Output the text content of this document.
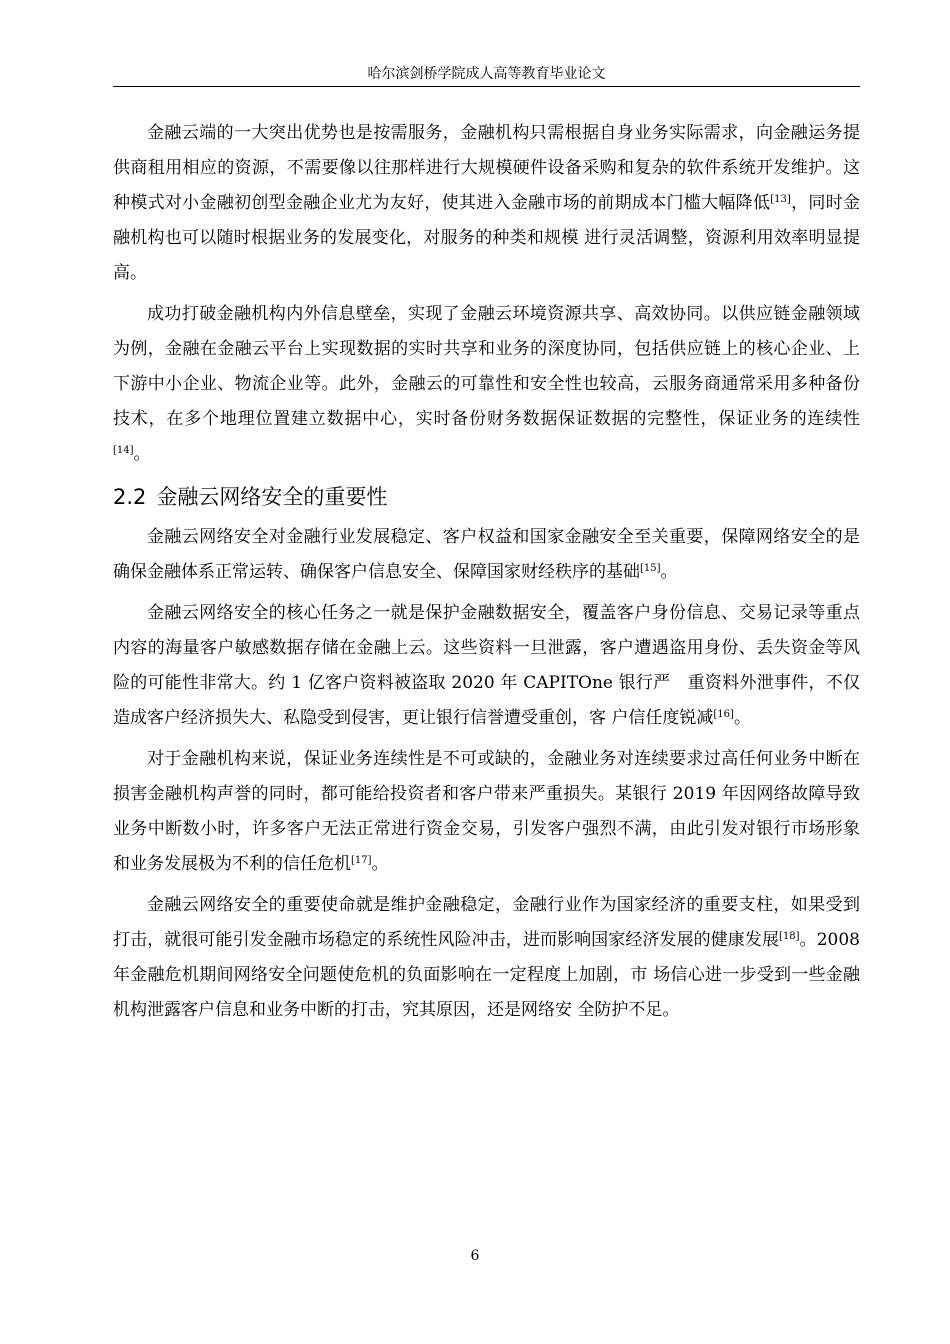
哈尔滨剑桥学院成人高等教育毕业论文

金融云端的一大突出优势也是按需服务，金融机构只需根据自身业务实际需求，向金融运务提供商租用相应的资源，不需要像以往那样进行大规模硬件设备采购和复杂的软件系统开发维护。这种模式对小金融初创型金融企业尤为友好，使其进入金融市场的前期成本门槛大幅降低[13]，同时金融机构也可以随时根据业务的发展变化，对服务的种类和规模 进行灵活调整，资源利用效率明显提高。

成功打破金融机构内外信息壁垒，实现了金融云环境资源共享、高效协同。以供应链金融领域为例，金融在金融云平台上实现数据的实时共享和业务的深度协同，包括供应链上的核心企业、上下游中小企业、物流企业等。此外，金融云的可靠性和安全性也较高，云服务商通常采用多种备份技术，在多个地理位置建立数据中心，实时备份财务数据保证数据的完整性，保证业务的连续性[14]。

2.2 金融云网络安全的重要性

金融云网络安全对金融行业发展稳定、客户权益和国家金融安全至关重要，保障网络安全的是确保金融体系正常运转、确保客户信息安全、保障国家财经秩序的基础[15]。

金融云网络安全的核心任务之一就是保护金融数据安全，覆盖客户身份信息、交易记录等重点内容的海量客户敏感数据存储在金融上云。这些资料一旦泄露，客户遭遇盗用身份、丢失资金等风险的可能性非常大。约 1 亿客户资料被盗取 2020 年 CAPITOne 银行严　重资料外泄事件，不仅造成客户经济损失大、私隐受到侵害，更让银行信誉遭受重创，客 户信任度锐减[16]。

对于金融机构来说，保证业务连续性是不可或缺的，金融业务对连续要求过高任何业务中断在损害金融机构声誉的同时，都可能给投资者和客户带来严重损失。某银行 2019 年因网络故障导致业务中断数小时，许多客户无法正常进行资金交易，引发客户强烈不满，由此引发对银行市场形象和业务发展极为不利的信任危机[17]。

金融云网络安全的重要使命就是维护金融稳定，金融行业作为国家经济的重要支柱，如果受到打击，就很可能引发金融市场稳定的系统性风险冲击，进而影响国家经济发展的健康发展[18]。2008 年金融危机期间网络安全问题使危机的负面影响在一定程度上加剧，市 场信心进一步受到一些金融机构泄露客户信息和业务中断的打击，究其原因，还是网络安 全防护不足。

6
